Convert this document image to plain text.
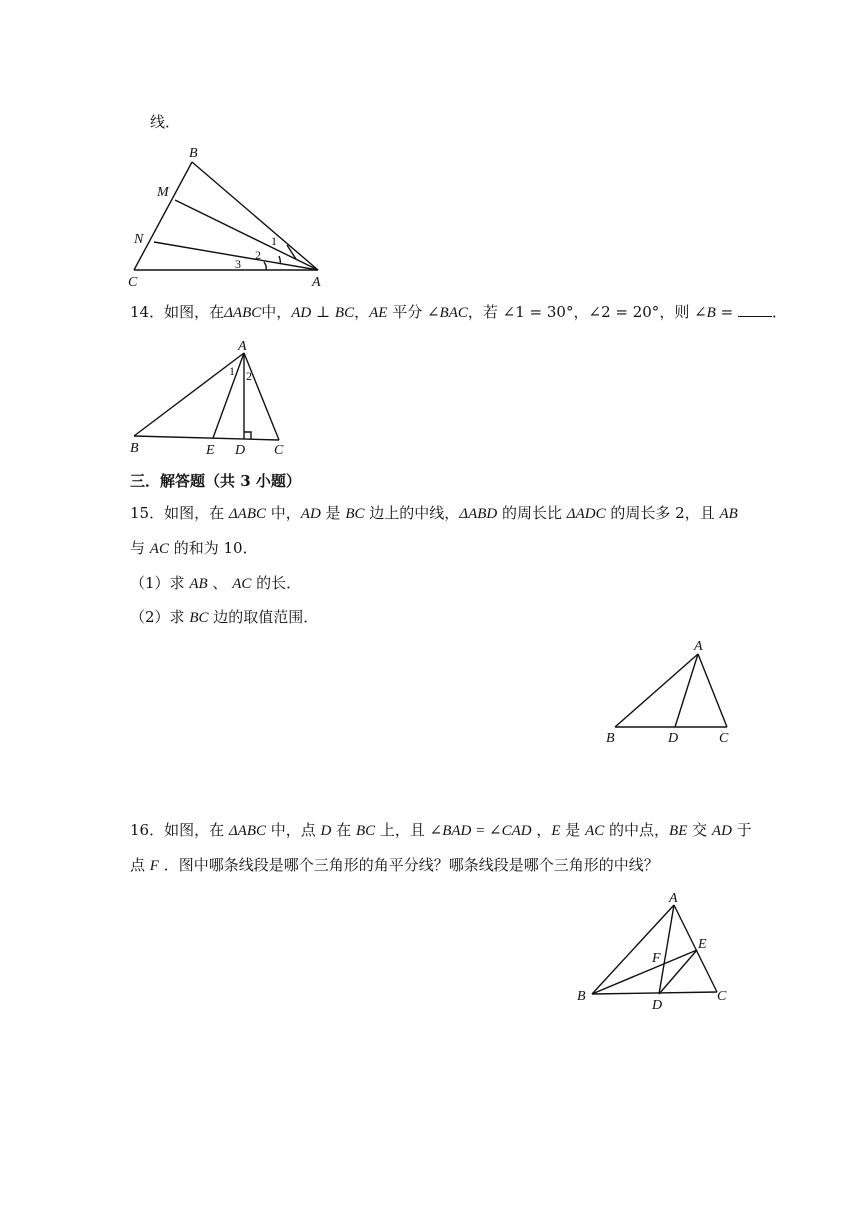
线．
B
M
N
C	A
1
2
3
14．如图，在ΔABC中，AD ⊥ BC，AE 平分 ∠BAC，若 ∠1 = 30°，∠2 = 20°，则 ∠B = ．
A
B	E D C
1 2
三．解答题（共 3 小题）
15．如图，在 ΔABC 中，AD 是 BC 边上的中线，ΔABD 的周长比 ΔADC 的周长多 2，且 AB
与 AC 的和为 10．
（1）求 AB 、 AC 的长．
（2）求 BC 边的取值范围．
A
B	D	C
16．如图，在 ΔABC 中，点 D 在 BC 上，且 ∠BAD = ∠CAD ，E 是 AC 的中点，BE 交 AD 于
点 F ．图中哪条线段是哪个三角形的角平分线？哪条线段是哪个三角形的中线？
A
B	C
D
E
F
